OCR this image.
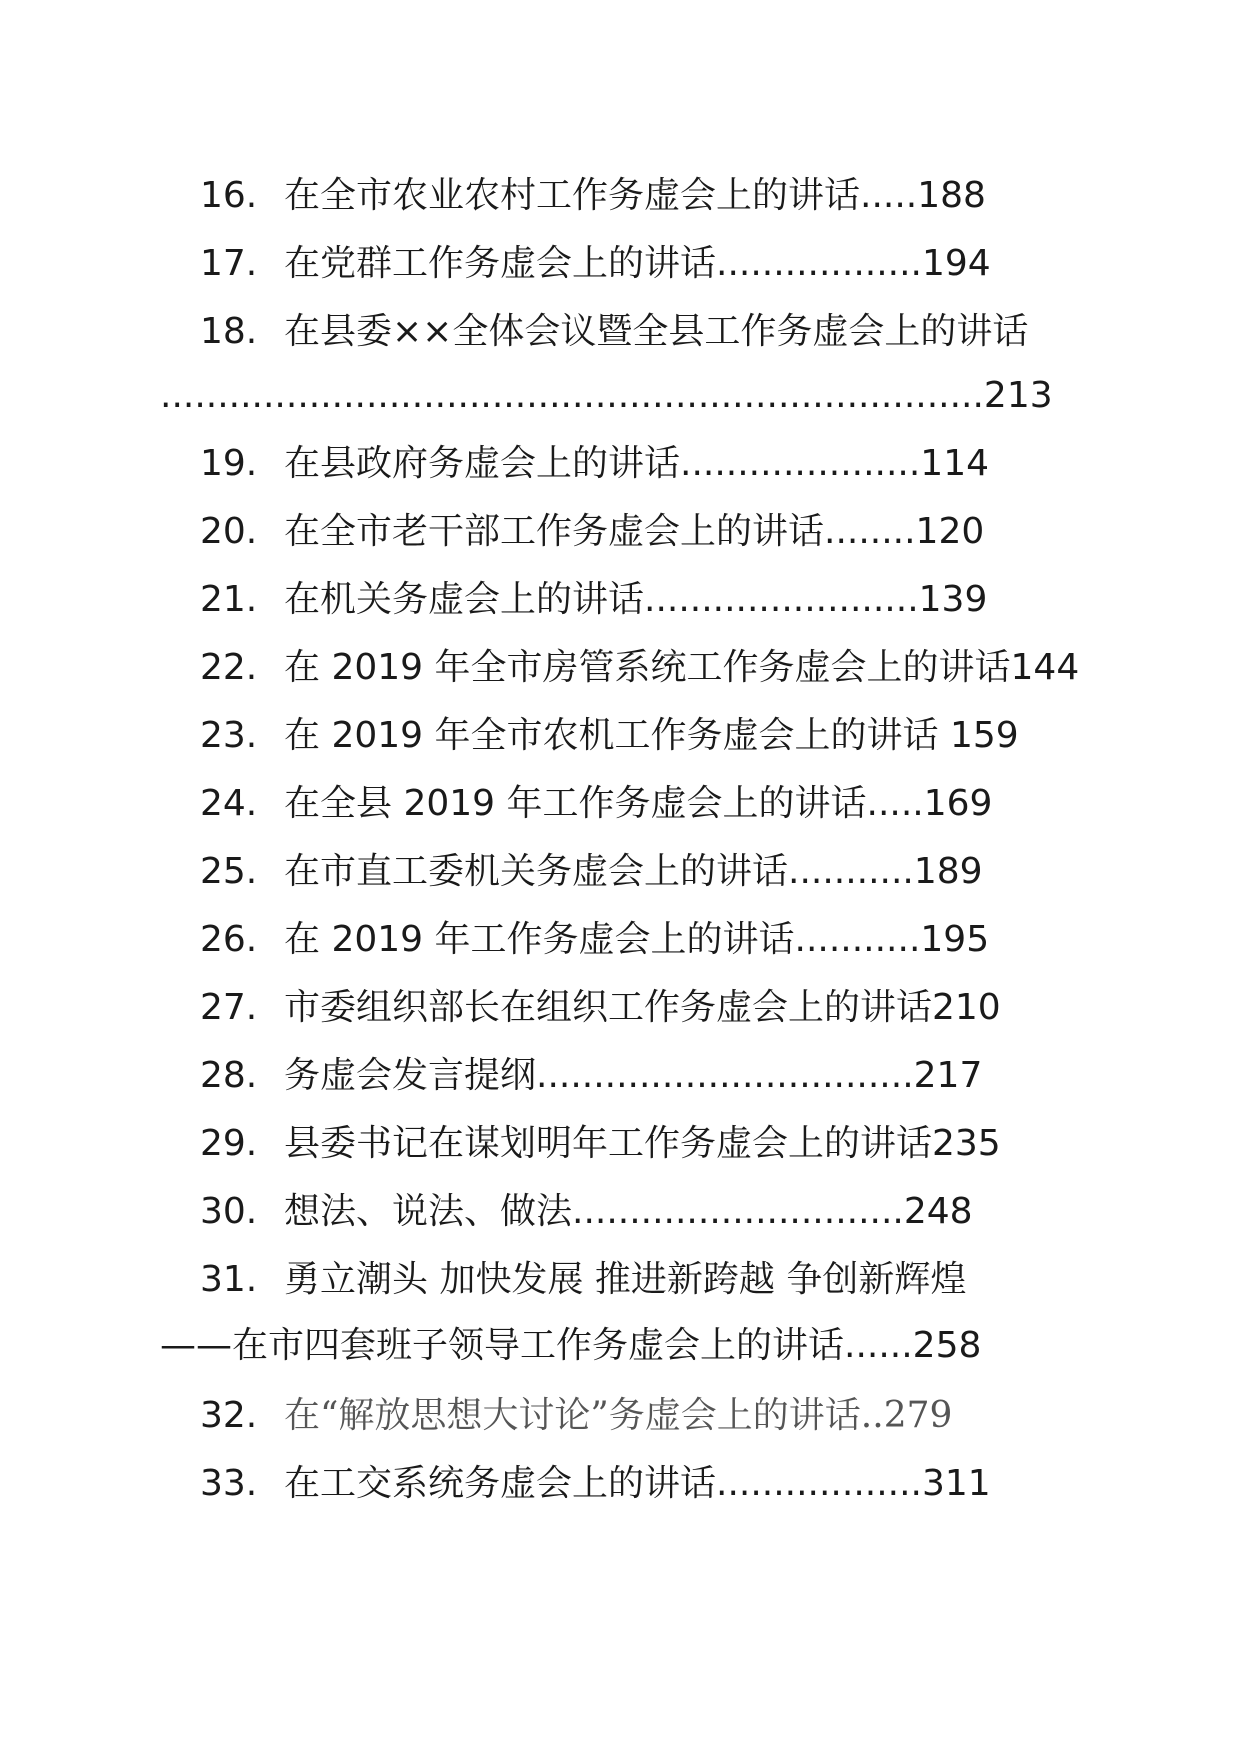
16. 在全市农业农村工作务虚会上的讲话.....188
17. 在党群工作务虚会上的讲话..................194
18. 在县委××全体会议暨全县工作务虚会上的讲话
........................................................................213
19. 在县政府务虚会上的讲话.....................114
20. 在全市老干部工作务虚会上的讲话........120
21. 在机关务虚会上的讲话........................139
22. 在 2019 年全市房管系统工作务虚会上的讲话144
23. 在 2019 年全市农机工作务虚会上的讲话 159
24. 在全县 2019 年工作务虚会上的讲话.....169
25. 在市直工委机关务虚会上的讲话...........189
26. 在 2019 年工作务虚会上的讲话...........195
27. 市委组织部长在组织工作务虚会上的讲话210
28. 务虚会发言提纲.................................217
29. 县委书记在谋划明年工作务虚会上的讲话235
30. 想法、说法、做法.............................248
31. 勇立潮头 加快发展 推进新跨越 争创新辉煌
——在市四套班子领导工作务虚会上的讲话......258
32. 在“解放思想大讨论”务虚会上的讲话..279
33. 在工交系统务虚会上的讲话..................311
